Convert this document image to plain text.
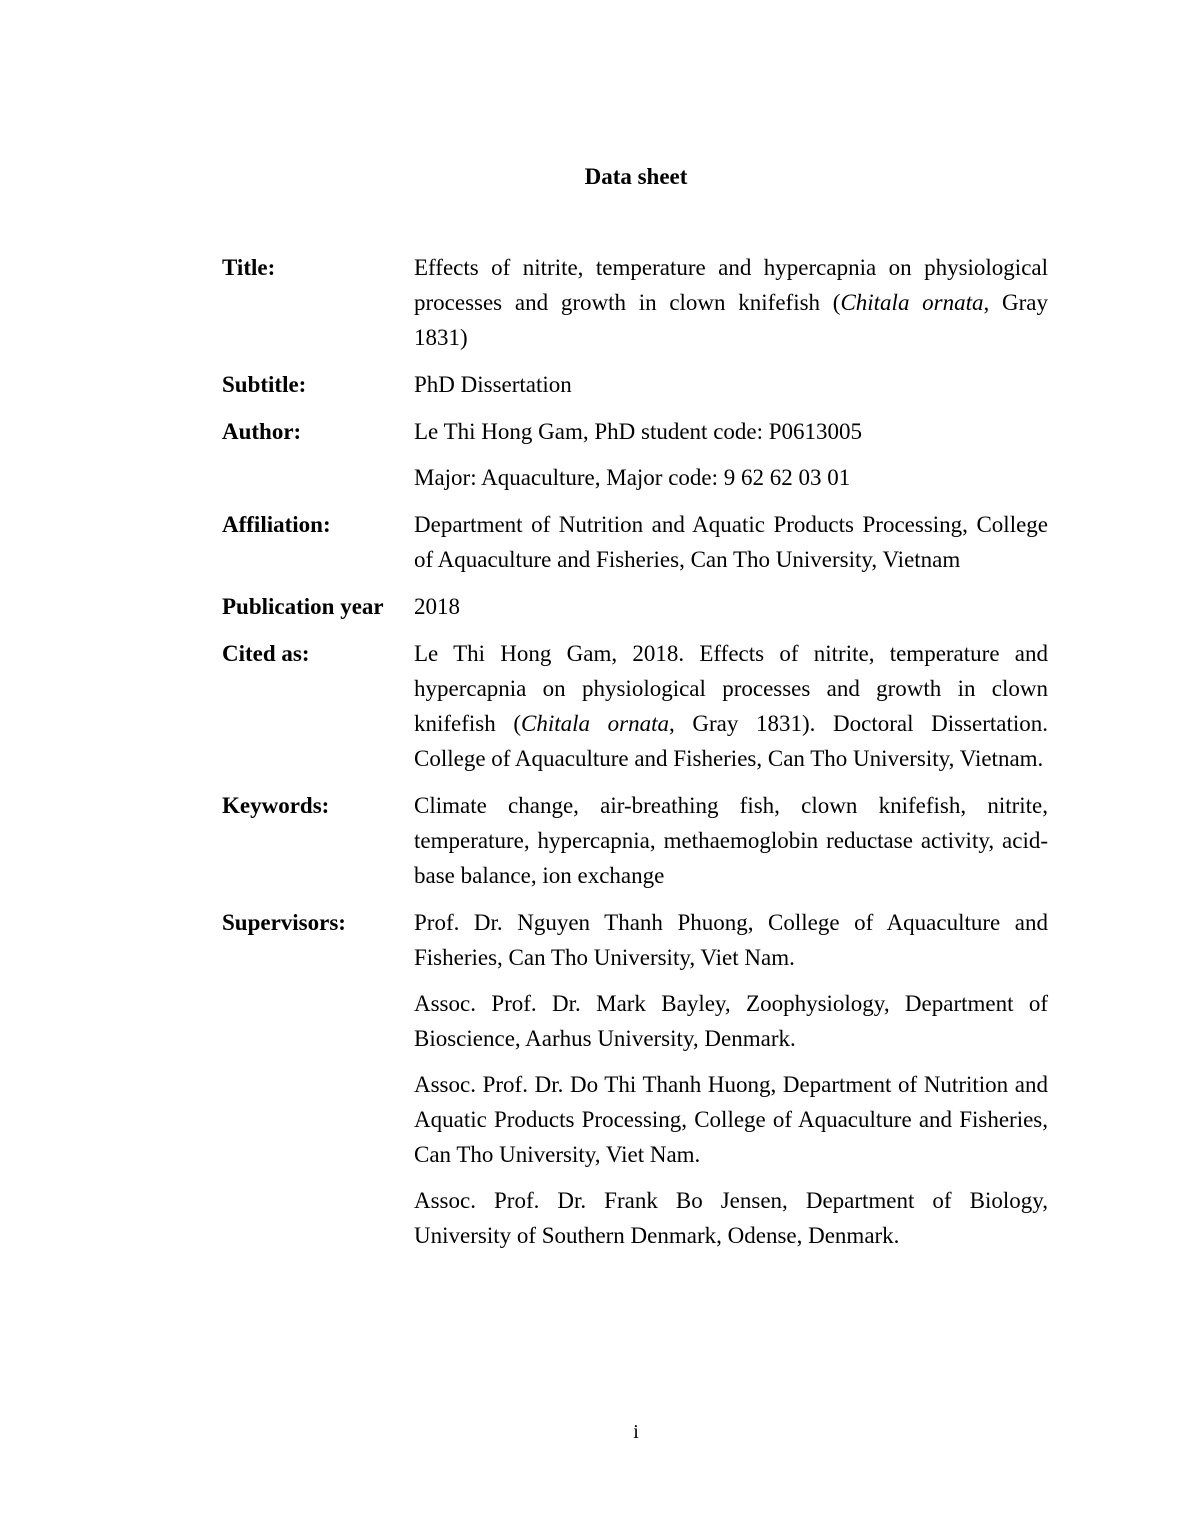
Data sheet
Title:	Effects of nitrite, temperature and hypercapnia on physiological processes and growth in clown knifefish (Chitala ornata, Gray 1831)
Subtitle:	PhD Dissertation
Author:	Le Thi Hong Gam, PhD student code: P0613005
Major: Aquaculture, Major code: 9 62 62 03 01
Affiliation:	Department of Nutrition and Aquatic Products Processing, College of Aquaculture and Fisheries, Can Tho University, Vietnam
Publication year	2018
Cited as:	Le Thi Hong Gam, 2018. Effects of nitrite, temperature and hypercapnia on physiological processes and growth in clown knifefish (Chitala ornata, Gray 1831). Doctoral Dissertation. College of Aquaculture and Fisheries, Can Tho University, Vietnam.
Keywords:	Climate change, air-breathing fish, clown knifefish, nitrite, temperature, hypercapnia, methaemoglobin reductase activity, acid-base balance, ion exchange
Supervisors:	Prof. Dr. Nguyen Thanh Phuong, College of Aquaculture and Fisheries, Can Tho University, Viet Nam.
Assoc. Prof. Dr. Mark Bayley, Zoophysiology, Department of Bioscience, Aarhus University, Denmark.
Assoc. Prof. Dr. Do Thi Thanh Huong, Department of Nutrition and Aquatic Products Processing, College of Aquaculture and Fisheries, Can Tho University, Viet Nam.
Assoc. Prof. Dr. Frank Bo Jensen, Department of Biology, University of Southern Denmark, Odense, Denmark.
i
